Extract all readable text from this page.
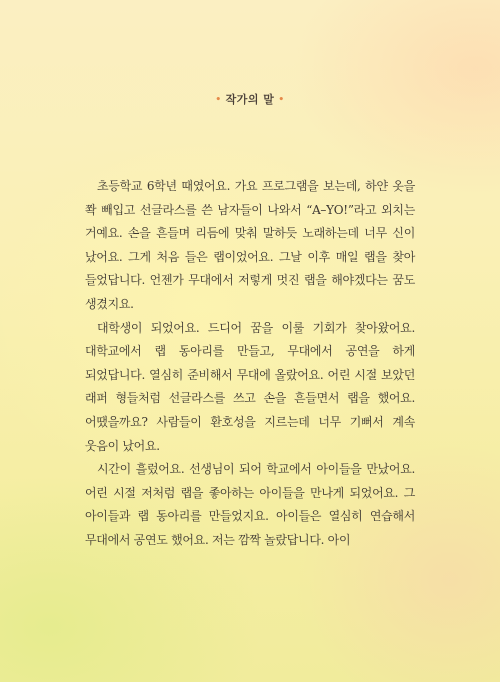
• 작가의 말 •

초등학교 6학년 때였어요. 가요 프로그램을 보는데, 하얀 옷을 쫙 빼입고 선글라스를 쓴 남자들이 나와서 “A–YO!”라고 외치는 거예요. 손을 흔들며 리듬에 맞춰 말하듯 노래하는데 너무 신이 났어요. 그게 처음 들은 랩이었어요. 그날 이후 매일 랩을 찾아 들었답니다. 언젠가 무대에서 저렇게 멋진 랩을 해야겠다는 꿈도 생겼지요.

대학생이 되었어요. 드디어 꿈을 이룰 기회가 찾아왔어요. 대학교에서 랩 동아리를 만들고, 무대에서 공연을 하게 되었답니다. 열심히 준비해서 무대에 올랐어요. 어린 시절 보았던 래퍼 형들처럼 선글라스를 쓰고 손을 흔들면서 랩을 했어요. 어땠을까요? 사람들이 환호성을 지르는데 너무 기뻐서 계속 웃음이 났어요.

시간이 흘렀어요. 선생님이 되어 학교에서 아이들을 만났어요. 어린 시절 저처럼 랩을 좋아하는 아이들을 만나게 되었어요. 그 아이들과 랩 동아리를 만들었지요. 아이들은 열심히 연습해서 무대에서 공연도 했어요. 저는 깜짝 놀랐답니다. 아이
